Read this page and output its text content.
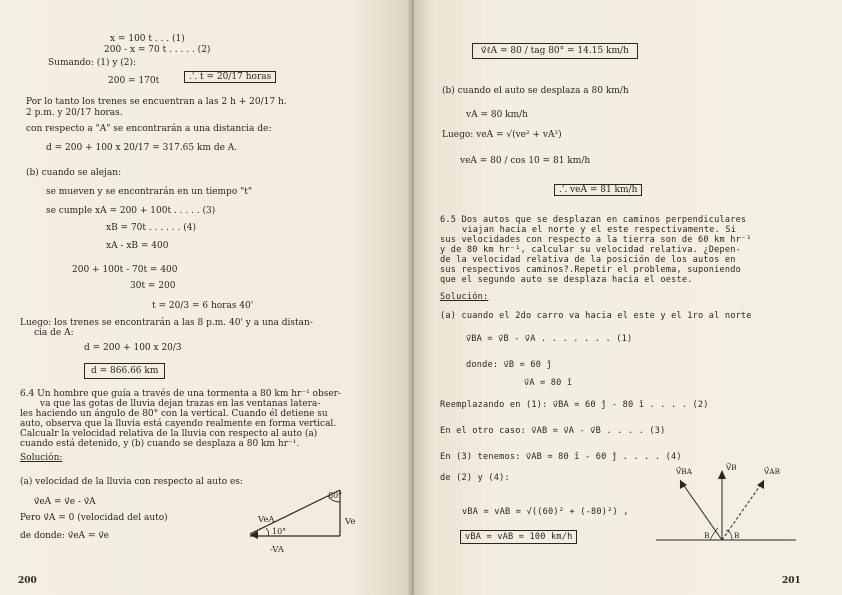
x = 100 t . . . (1)
200 - x = 70 t . . . . . (2)
Sumando: (1) y (2):
200 = 170t	.'. t = 20/17 horas
Por lo tanto los trenes se encuentran a las 2 h + 20/17 h.
2 p.m. y 20/17 horas.
con respecto a "A" se encontrarán a una distancia de:
d = 200 + 100 x 20/17 = 317.65 km de A.
(b) cuando se alejan:
se mueven y se encontrarán en un tiempo "t"
se cumple xA = 200 + 100t . . . . . (3)
xB = 70t . . . . . . (4)
xA - xB = 400
200 + 100t - 70t = 400
30t = 200
t = 20/3 = 6 horas 40'
Luego: los trenes se encontrarán a las 8 p.m. 40' y a una distan-
cia de A:
d = 200 + 100 x 20/3
d = 866.66 km
6.4 Un hombre que guía a través de una tormenta a 80 km hr⁻¹ obser-
va que las gotas de lluvia dejan trazas en las ventanas latera-
les haciendo un ángulo de 80° con la vertical. Cuando él detiene su
auto, observa que la lluvia está cayendo realmente en forma vertical.
Calcualr la velocidad relativa de la lluvia con respecto al auto (a)
cuando está detenido, y (b) cuando se desplaza a 80 km hr⁻¹.
Solución:
(a) velocidad de la lluvia con respecto al auto es:
v⃗eA = v⃗e - v⃗A
Pero v⃗A = 0 (velocidad del auto)
de donde: v⃗eA = v⃗e
80°
VeA
10°
Ve
-VA
200
v⃗ℓA = 80 / tag 80° = 14.15 km/h
(b) cuando el auto se desplaza a 80 km/h
vA = 80 km/h
Luego: veA = √(ve² + vA²)
veA = 80 / cos 10 = 81 km/h
.'. veA = 81 km/h
6.5 Dos autos que se desplazan en caminos perpendiculares
viajan hacia el norte y el este respectivamente. Si
sus velocidades con respecto a la tierra son de 60 km hr⁻¹
y de 80 km hr⁻¹, calcular su velocidad relativa. ¿Depen-
de la velocidad relativa de la posición de los autos en
sus respectivos caminos?.Repetir el problema, suponiendo
que el segundo auto se desplaza hacia el oeste.
Solución:
(a) cuando el 2do carro va hacia el este y el 1ro al norte
v⃗BA = v⃗B - v⃗A . . . . . . . (1)
donde: v⃗B = 60 ĵ
v⃗A = 80 î
Reemplazando en (1): v⃗BA = 60 ĵ - 80 î . . . . (2)
En el otro caso: v⃗AB = v⃗A - v⃗B . . . . (3)
En (3) tenemos: v⃗AB = 80 î - 60 ĵ . . . . (4)
de (2) y (4):
vBA = vAB = √((60)² + (-80)²) ,
vBA = vAB = 100 km/h
V⃗BA	V⃗B	V⃗AB
B	B
201
